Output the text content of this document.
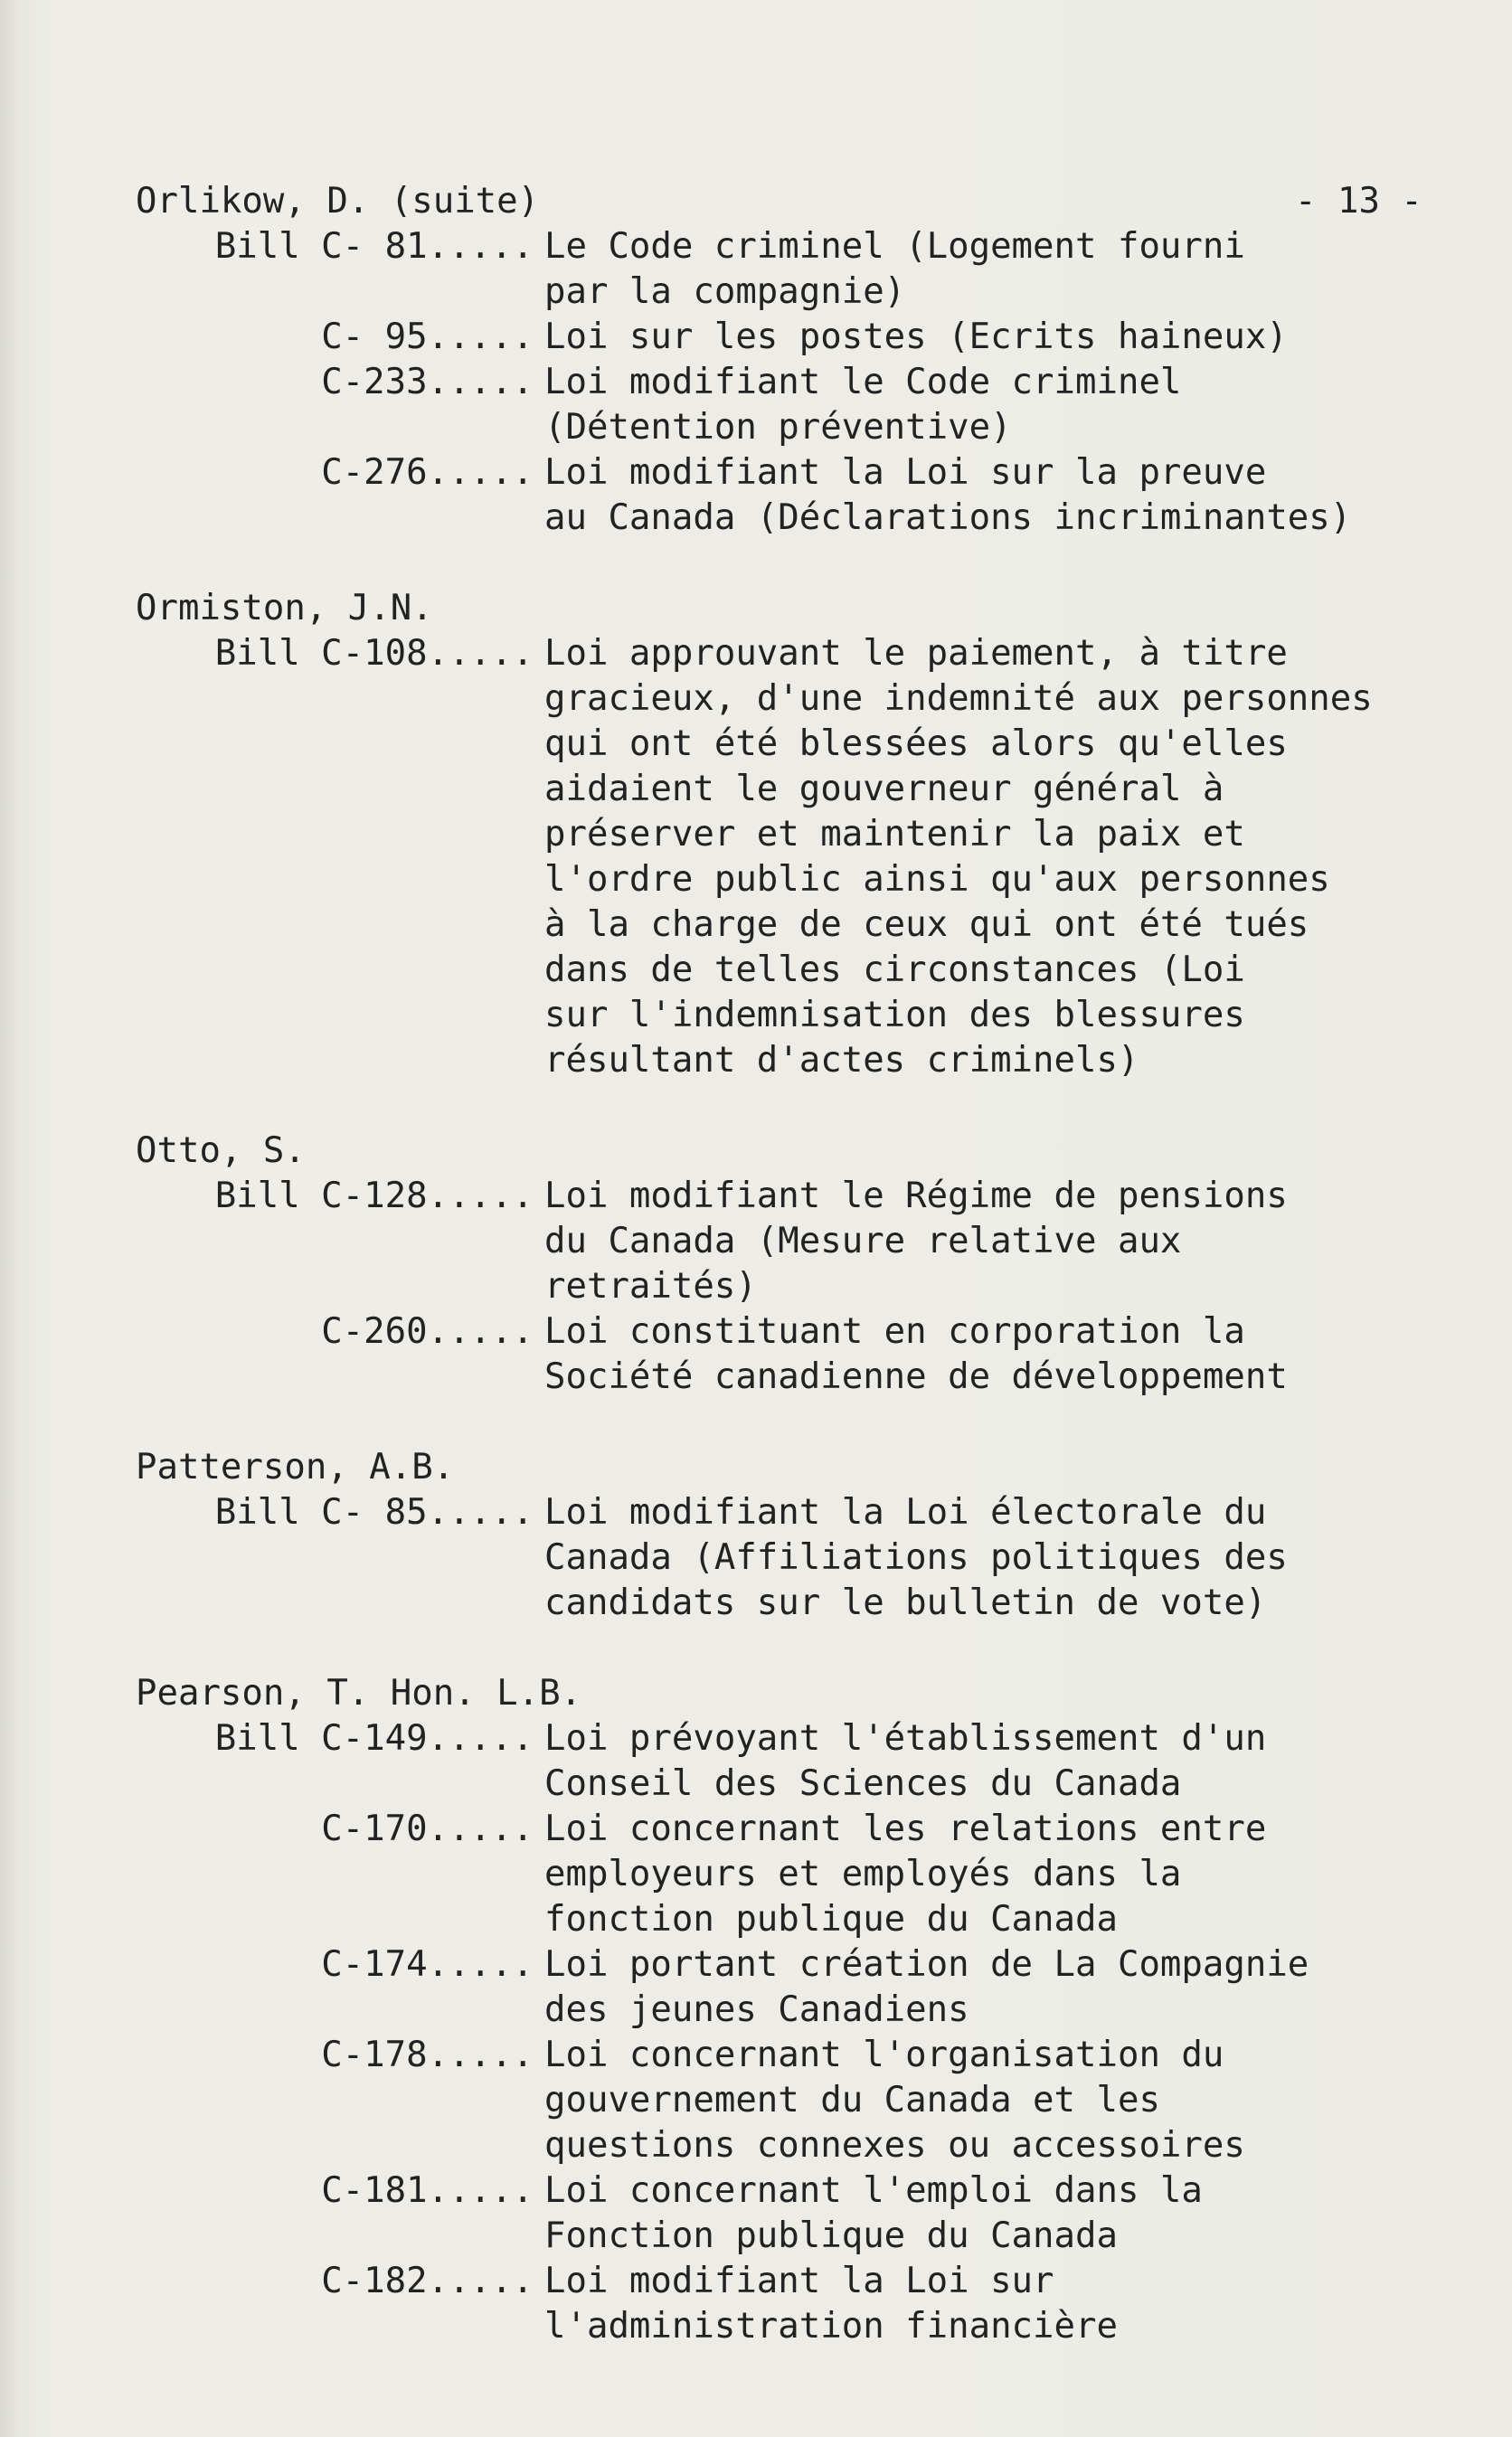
- 13 -
Orlikow, D. (suite)
Bill C- 81..... Le Code criminel (Logement fourni
par la compagnie)
C- 95..... Loi sur les postes (Ecrits haineux)
C-233..... Loi modifiant le Code criminel
(Détention préventive)
C-276..... Loi modifiant la Loi sur la preuve
au Canada (Déclarations incriminantes)
Ormiston, J.N.
Bill C-108..... Loi approuvant le paiement, à titre
gracieux, d'une indemnité aux personnes
qui ont été blessées alors qu'elles
aidaient le gouverneur général à
préserver et maintenir la paix et
l'ordre public ainsi qu'aux personnes
à la charge de ceux qui ont été tués
dans de telles circonstances (Loi
sur l'indemnisation des blessures
résultant d'actes criminels)
Otto, S.
Bill C-128..... Loi modifiant le Régime de pensions
du Canada (Mesure relative aux
retraités)
C-260..... Loi constituant en corporation la
Société canadienne de développement
Patterson, A.B.
Bill C- 85..... Loi modifiant la Loi électorale du
Canada (Affiliations politiques des
candidats sur le bulletin de vote)
Pearson, T. Hon. L.B.
Bill C-149..... Loi prévoyant l'établissement d'un
Conseil des Sciences du Canada
C-170..... Loi concernant les relations entre
employeurs et employés dans la
fonction publique du Canada
C-174..... Loi portant création de La Compagnie
des jeunes Canadiens
C-178..... Loi concernant l'organisation du
gouvernement du Canada et les
questions connexes ou accessoires
C-181..... Loi concernant l'emploi dans la
Fonction publique du Canada
C-182..... Loi modifiant la Loi sur
l'administration financière
